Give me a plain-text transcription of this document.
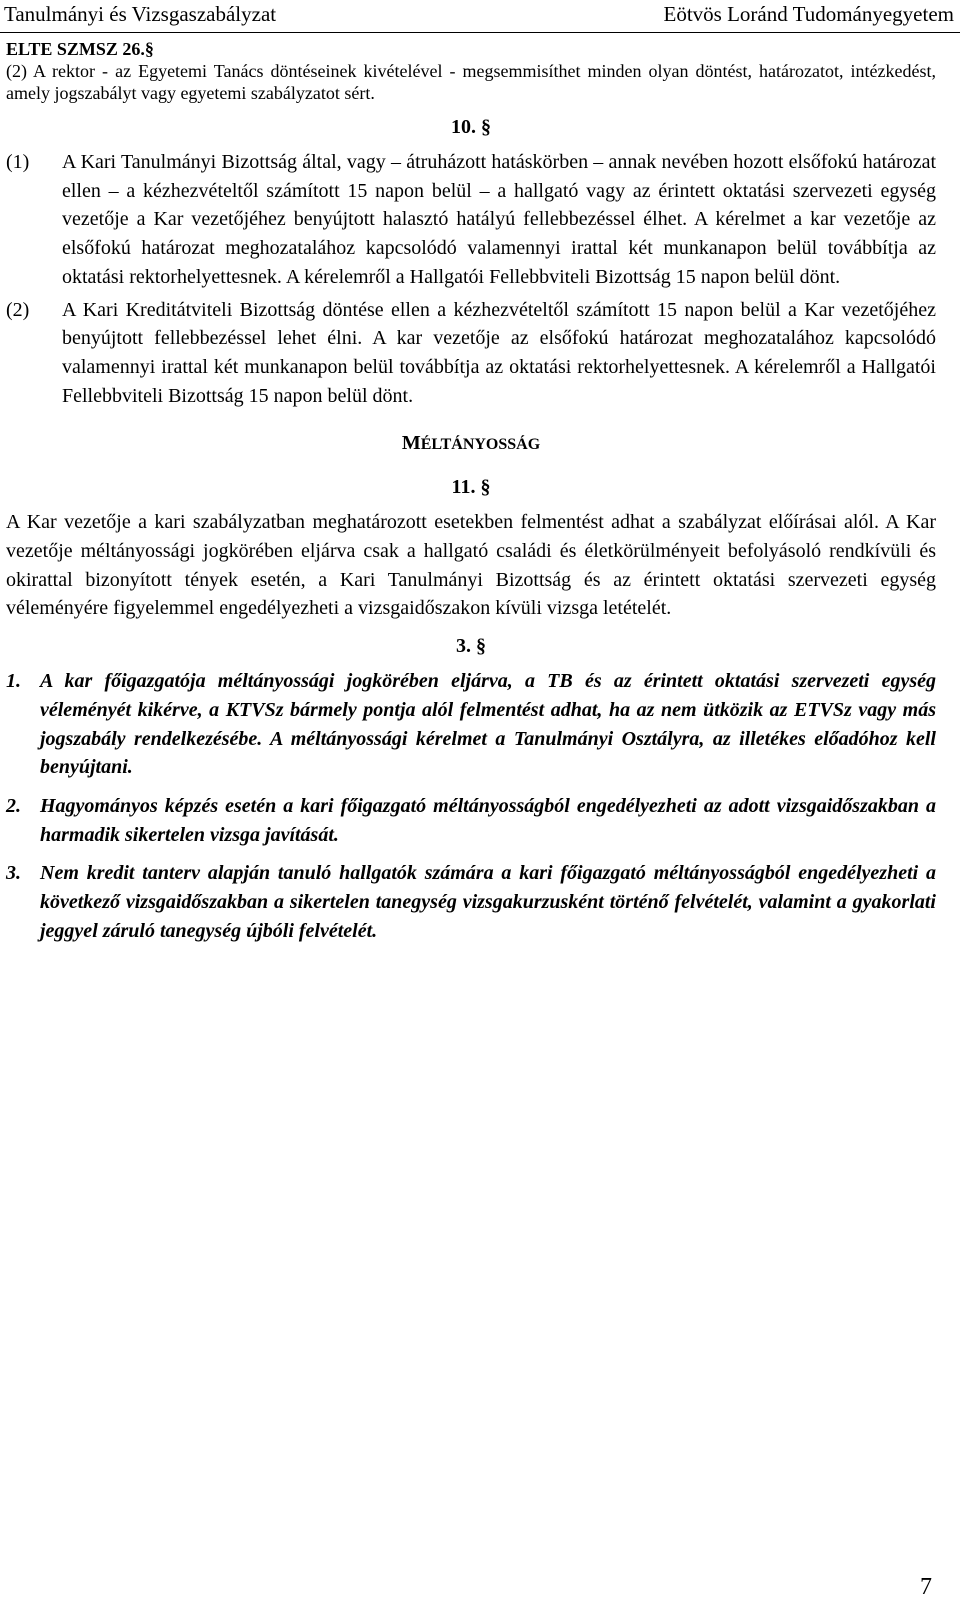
Tanulmányi és Vizsgaszabályzat	Eötvös Loránd Tudományegyetem
ELTE SZMSZ 26.§
(2) A rektor - az Egyetemi Tanács döntéseinek kivételével - megsemmisíthet minden olyan döntést, határozatot, intézkedést, amely jogszabályt vagy egyetemi szabályzatot sért.
10. §
(1)	A Kari Tanulmányi Bizottság által, vagy – átruházott hatáskörben – annak nevében hozott elsőfokú határozat ellen – a kézhezvételtől számított 15 napon belül – a hallgató vagy az érintett oktatási szervezeti egység vezetője a Kar vezetőjéhez benyújtott halasztó hatályú fellebbezéssel élhet. A kérelmet a kar vezetője az elsőfokú határozat meghozatalához kapcsolódó valamennyi irattal két munkanapon belül továbbítja az oktatási rektorhelyettesnek. A kérelemről a Hallgatói Fellebbviteli Bizottság 15 napon belül dönt.
(2)	A Kari Kreditátviteli Bizottság döntése ellen a kézhezvételtől számított 15 napon belül a Kar vezetőjéhez benyújtott fellebbezéssel lehet élni. A kar vezetője az elsőfokú határozat meghozatalához kapcsolódó valamennyi irattal két munkanapon belül továbbítja az oktatási rektorhelyettesnek. A kérelemről a Hallgatói Fellebbviteli Bizottság 15 napon belül dönt.
MÉLTÁNYOSSÁG
11. §
A Kar vezetője a kari szabályzatban meghatározott esetekben felmentést adhat a szabályzat előírásai alól. A Kar vezetője méltányossági jogkörében eljárva csak a hallgató családi és életkörülményeit befolyásoló rendkívüli és okirattal bizonyított tények esetén, a Kari Tanulmányi Bizottság és az érintett oktatási szervezeti egység véleményére figyelemmel engedélyezheti a vizsgaidőszakon kívüli vizsga letételét.
3. §
1. A kar főigazgatója méltányossági jogkörében eljárva, a TB és az érintett oktatási szervezeti egység véleményét kikérve, a KTVSz bármely pontja alól felmentést adhat, ha az nem ütközik az ETVSz vagy más jogszabály rendelkezésébe. A méltányossági kérelmet a Tanulmányi Osztályra, az illetékes előadóhoz kell benyújtani.
2. Hagyományos képzés esetén a kari főigazgató méltányosságból engedélyezheti az adott vizsgaidőszakban a harmadik sikertelen vizsga javítását.
3. Nem kredit tanterv alapján tanuló hallgatók számára a kari főigazgató méltányosságból engedélyezheti a következő vizsgaidőszakban a sikertelen tanegység vizsgakurzusként történő felvételét, valamint a gyakorlati jeggyel záruló tanegység újbóli felvételét.
7
